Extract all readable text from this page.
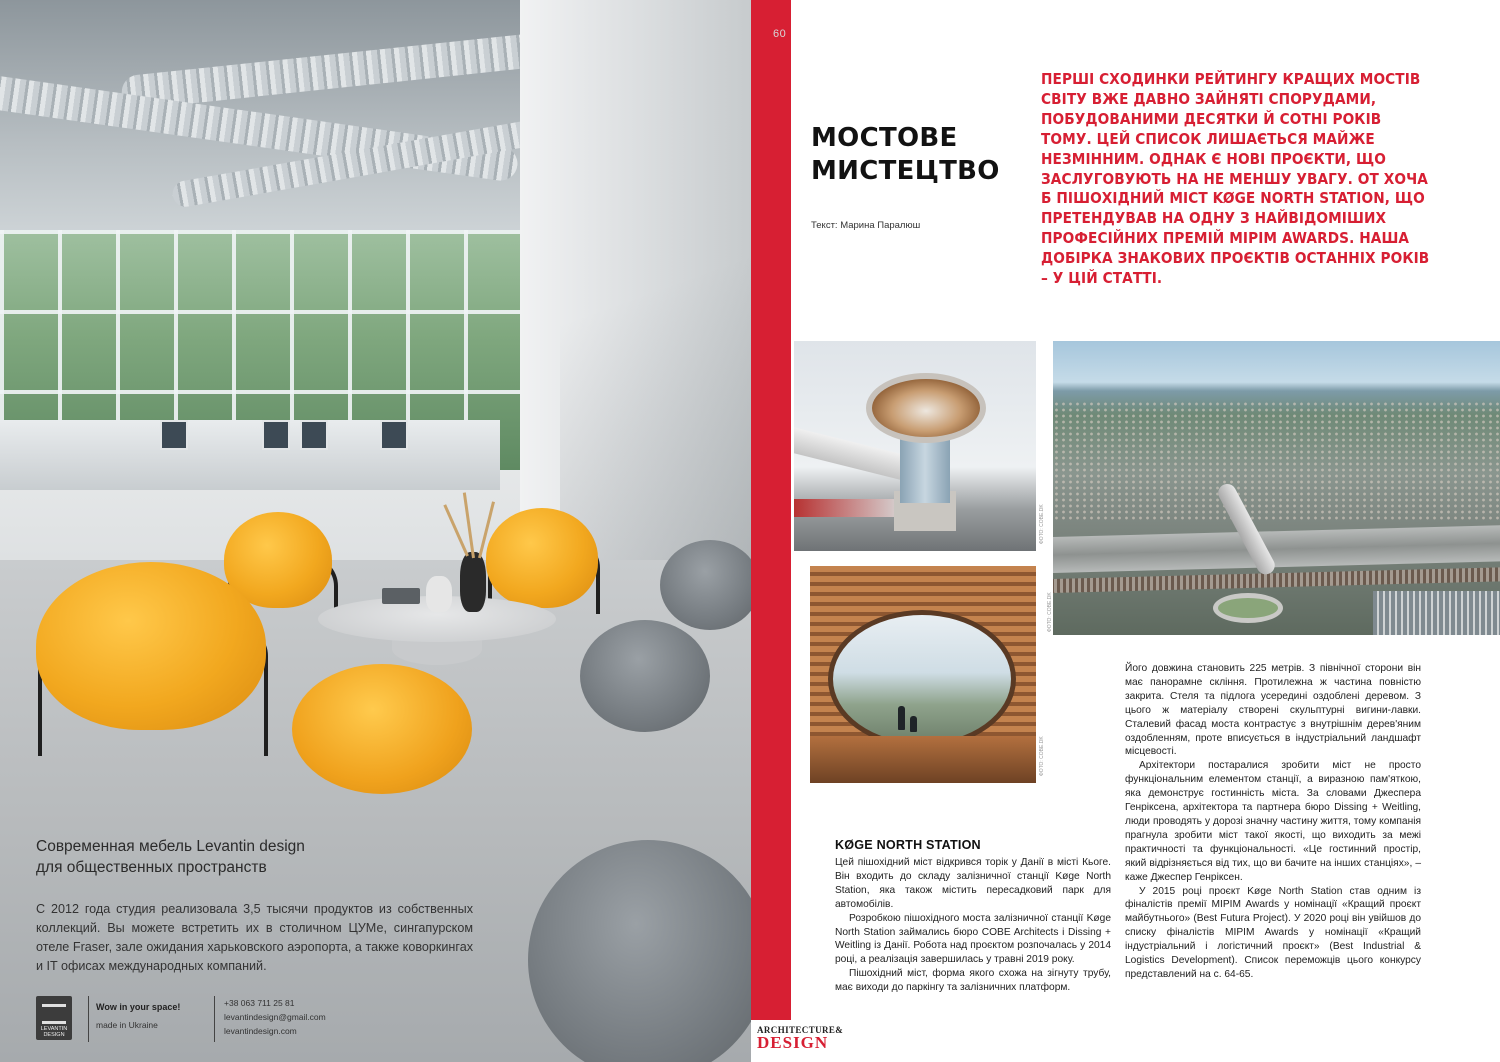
Современная мебель Levantin design
для общественных пространств
С 2012 года студия реализовала 3,5 тысячи продуктов из собственных коллекций. Вы можете встретить их в столичном ЦУМе, сингапурском отеле Fraser, зале ожидания харьковского аэропорта, а также коворкингах и IT офисах международных компаний.
LEVANTIN
DESIGN
Wow in your space!
made in Ukraine
+38 063 711 25 81
levantindesign@gmail.com
levantindesign.com
60
МОСТОВЕ
МИСТЕЦТВО
Текст: Марина Паралюш
ПЕРШІ СХОДИНКИ РЕЙТИНГУ КРАЩИХ МОСТІВ СВІТУ ВЖЕ ДАВНО ЗАЙНЯТІ СПОРУДАМИ, ПОБУДОВАНИМИ ДЕСЯТКИ Й СОТНІ РОКІВ ТОМУ. ЦЕЙ СПИСОК ЛИШАЄТЬСЯ МАЙЖЕ НЕЗМІННИМ. ОДНАК Є НОВІ ПРОЄКТИ, ЩО ЗАСЛУГОВУЮТЬ НА НЕ МЕНШУ УВАГУ. ОТ ХОЧА Б ПІШОХІДНИЙ МІСТ KØGE NORTH STATION, ЩО ПРЕТЕНДУВАВ НА ОДНУ З НАЙВІДОМІШИХ ПРОФЕСІЙНИХ ПРЕМІЙ MIPIM AWARDS. НАША ДОБІРКА ЗНАКОВИХ ПРОЄКТІВ ОСТАННІХ РОКІВ – У ЦІЙ СТАТТІ.
ФОТО: COBE.DK
ФОТО: COBE.DK
ФОТО: COBE.DK
KØGE NORTH STATION

Цей пішохідний міст відкрився торік у Данії в місті Кьоге. Він входить до складу залізничної станції Køge North Station, яка також містить пересадковий парк для автомобілів.

Розробкою пішохідного моста залізничної станції Køge North Station займались бюро COBE Architects і Dissing + Weitling із Данії. Робота над проєктом розпочалась у 2014 році, а реалізація завершилась у травні 2019 року.

Пішохідний міст, форма якого схожа на зігнуту трубу, має виходи до паркінгу та залізничних платформ.

Його довжина становить 225 метрів. З північної сторони він має панорамне скління. Протилежна ж частина повністю закрита. Стеля та підлога усередині оздоблені деревом. З цього ж матеріалу створені скульптурні вигини-лавки. Сталевий фасад моста контрастує з внутрішнім дерев'яним оздобленням, проте вписується в індустріальний ландшафт місцевості.

Архітектори постаралися зробити міст не просто функціональним елементом станції, а виразною пам'яткою, яка демонструє гостинність міста. За словами Джеспера Генріксена, архітектора та партнера бюро Dissing + Weitling, люди проводять у дорозі значну частину життя, тому компанія прагнула зробити міст такої якості, що виходить за межі практичності та функціональності. «Це гостинний простір, який відрізняється від тих, що ви бачите на інших станціях», – каже Джеспер Генріксен.

У 2015 році проєкт Køge North Station став одним із фіналістів премії MIPIM Awards у номінації «Кращий проєкт майбутнього» (Best Futura Project). У 2020 році він увійшов до списку фіналістів MIPIM Awards у номінації «Кращий індустріальний і логістичний проєкт» (Best Industrial & Logistics Development). Список переможців цього конкурсу представлений на с. 64-65.

ARCHITECTURE&
DESIGN
